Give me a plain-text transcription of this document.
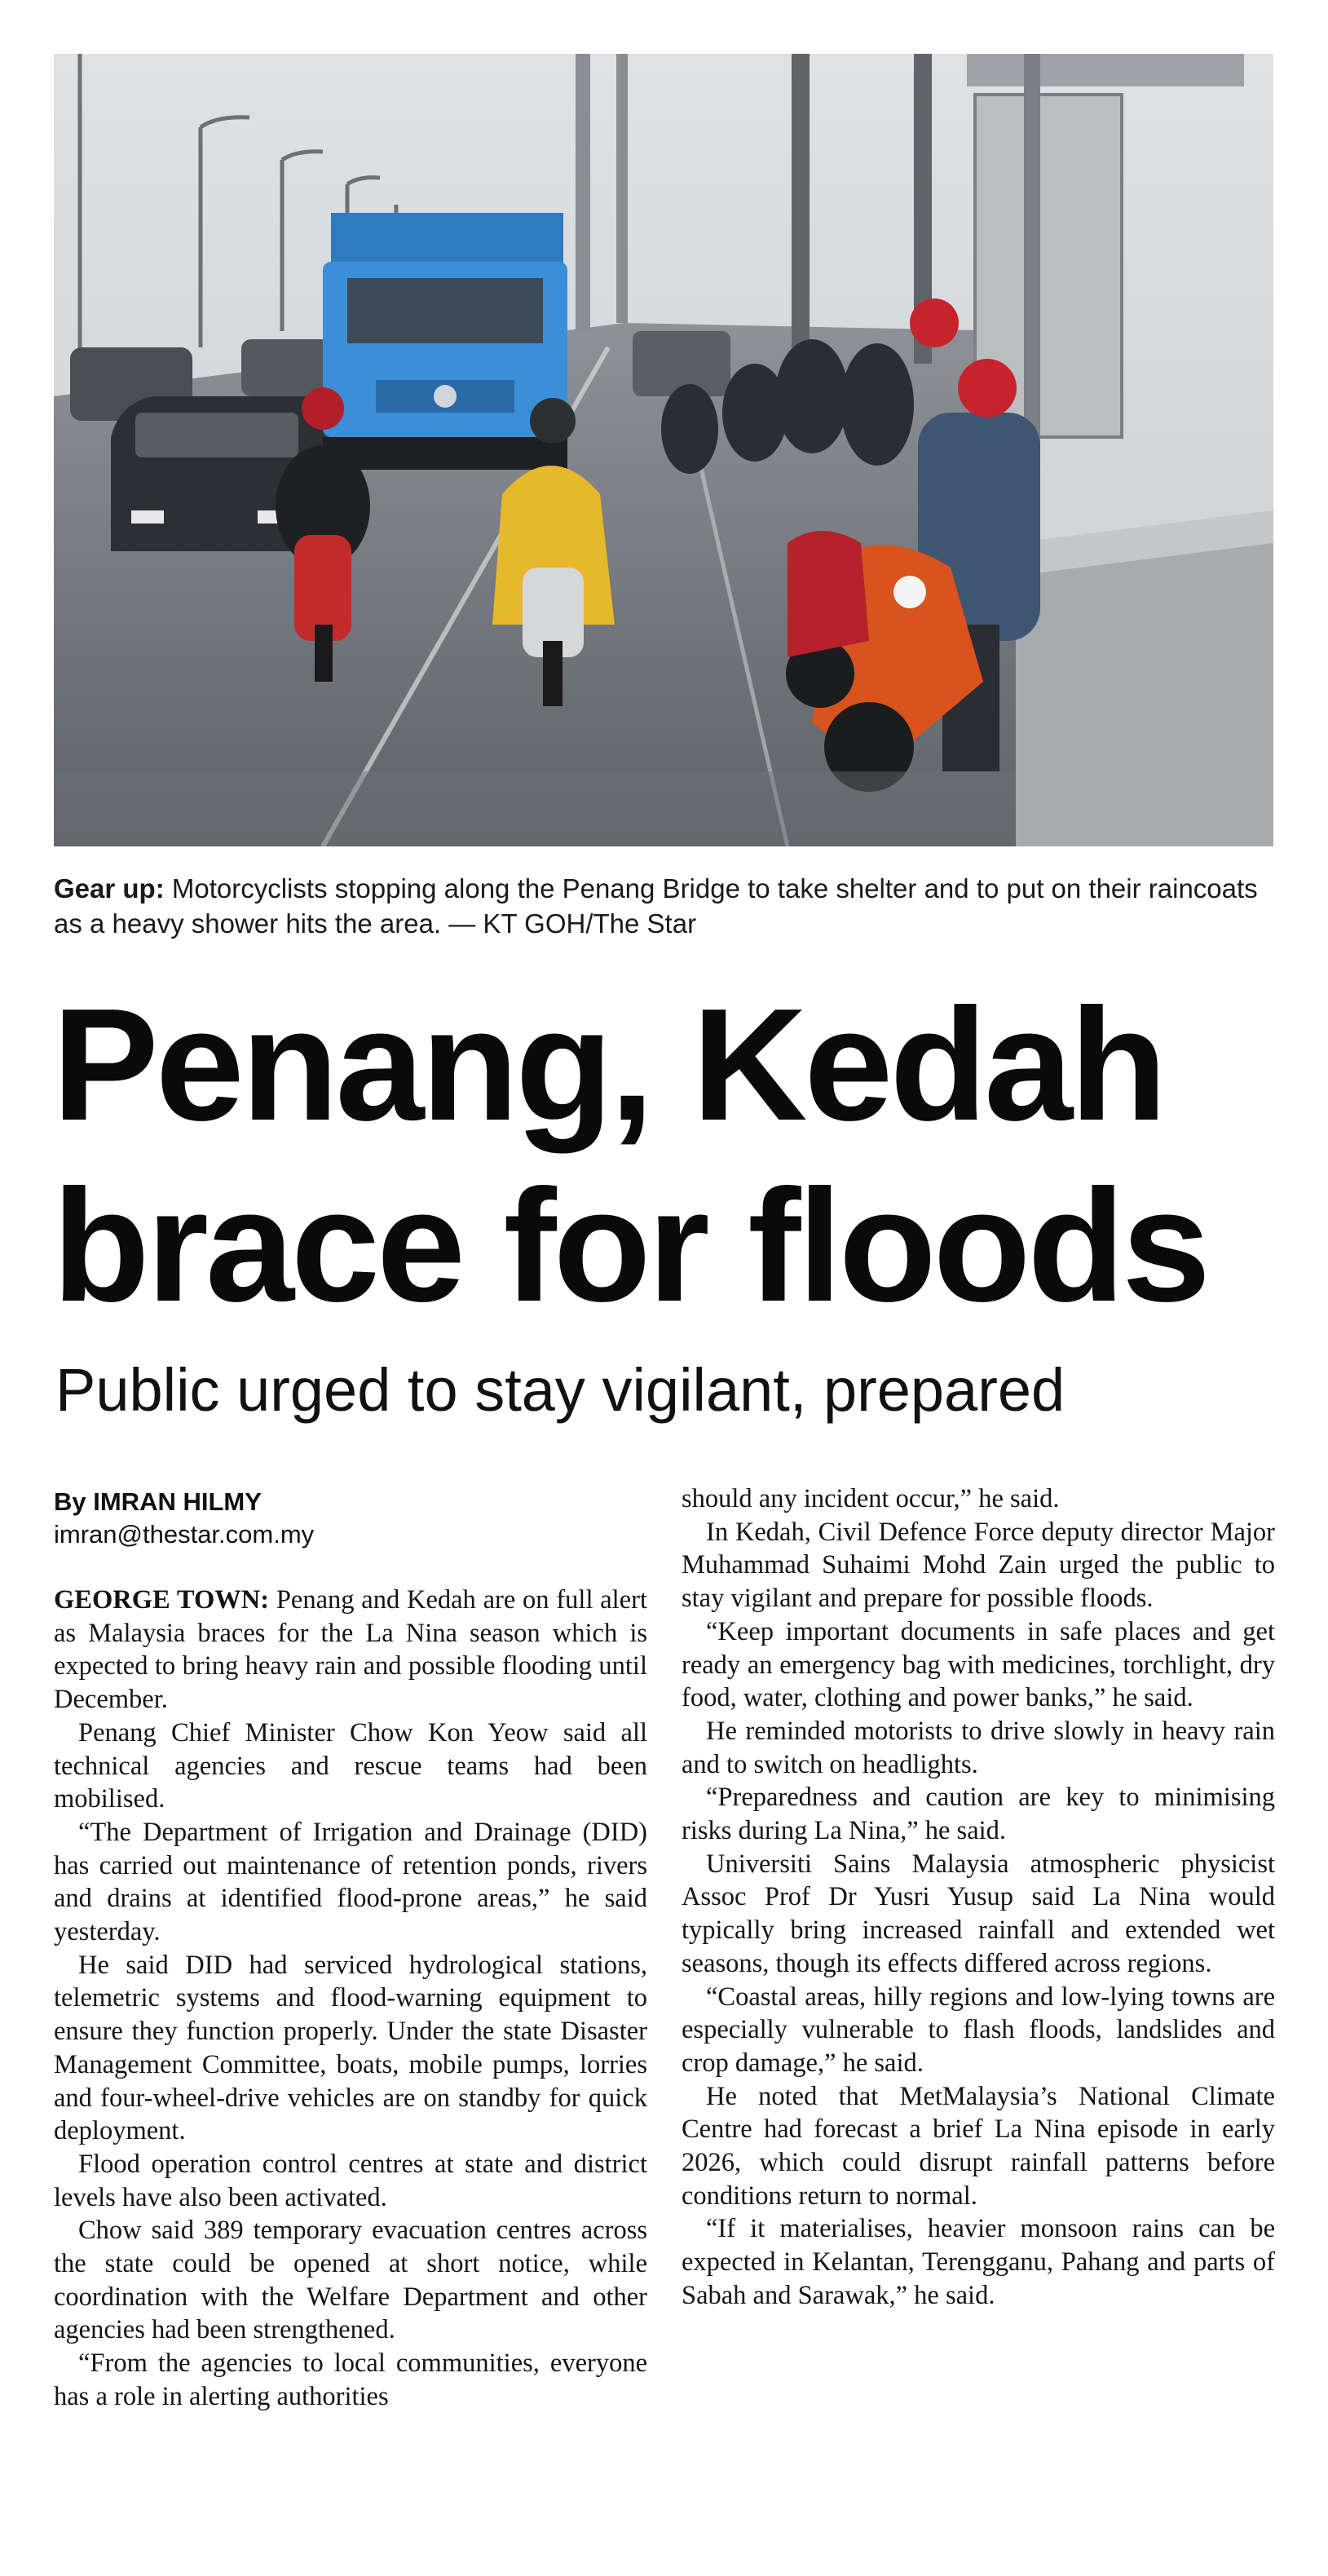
Gear up: Motorcyclists stopping along the Penang Bridge to take shelter and to put on their raincoats as a heavy shower hits the area. — KT GOH/The Star
Penang, Kedah
brace for floods
Public urged to stay vigilant, prepared
By IMRAN HILMY
imran@thestar.com.my

GEORGE TOWN: Penang and Kedah are on full alert as Malaysia braces for the La Nina season which is expected to bring heavy rain and possible flooding until December.

Penang Chief Minister Chow Kon Yeow said all technical agencies and rescue teams had been mobilised.

“The Department of Irrigation and Drainage (DID) has carried out maintenance of retention ponds, rivers and drains at identified flood-prone areas,” he said yesterday.

He said DID had serviced hydrological stations, telemetric systems and flood-warning equipment to ensure they function properly. Under the state Disaster Management Committee, boats, mobile pumps, lorries and four-wheel-drive vehicles are on standby for quick deployment.

Flood operation control centres at state and district levels have also been activated.

Chow said 389 temporary evacuation centres across the state could be opened at short notice, while coordination with the Welfare Department and other agencies had been strengthened.

“From the agencies to local communities, everyone has a role in alerting authorities

should any incident occur,” he said.

In Kedah, Civil Defence Force deputy director Major Muhammad Suhaimi Mohd Zain urged the public to stay vigilant and prepare for possible floods.

“Keep important documents in safe places and get ready an emergency bag with medicines, torchlight, dry food, water, clothing and power banks,” he said.

He reminded motorists to drive slowly in heavy rain and to switch on headlights.

“Preparedness and caution are key to minimising risks during La Nina,” he said.

Universiti Sains Malaysia atmospheric physicist Assoc Prof Dr Yusri Yusup said La Nina would typically bring increased rainfall and extended wet seasons, though its effects differed across regions.

“Coastal areas, hilly regions and low-lying towns are especially vulnerable to flash floods, landslides and crop damage,” he said.

He noted that MetMalaysia’s National Climate Centre had forecast a brief La Nina episode in early 2026, which could disrupt rainfall patterns before conditions return to normal.

“If it materialises, heavier monsoon rains can be expected in Kelantan, Terengganu, Pahang and parts of Sabah and Sarawak,” he said.
